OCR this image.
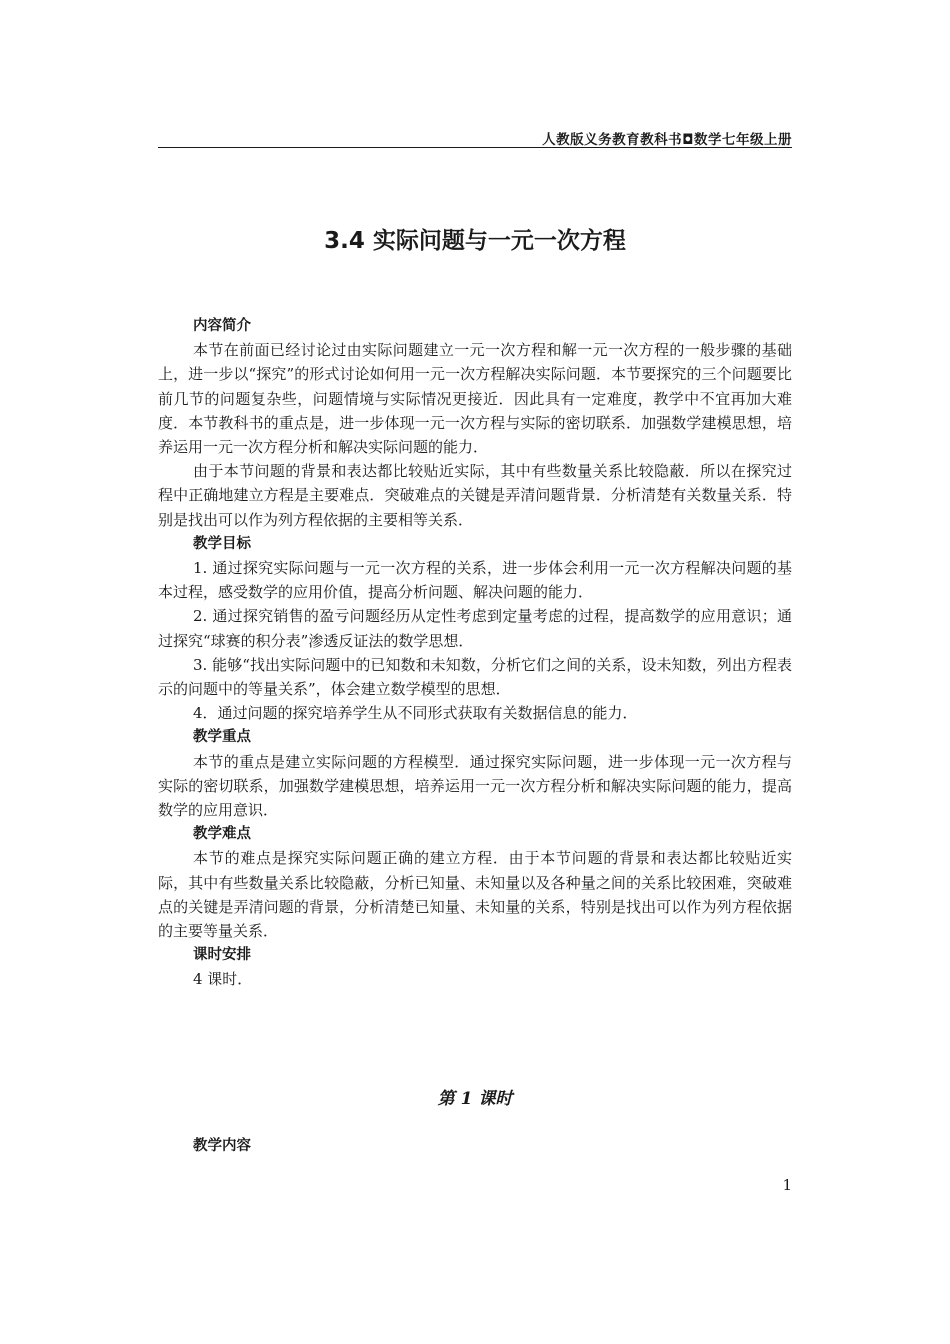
人教版义务教育教科书◘数学七年级上册
3.4 实际问题与一元一次方程
内容简介

本节在前面已经讨论过由实际问题建立一元一次方程和解一元一次方程的一般步骤的基础上，进一步以“探究”的形式讨论如何用一元一次方程解决实际问题．本节要探究的三个问题要比前几节的问题复杂些，问题情境与实际情况更接近．因此具有一定难度，教学中不宜再加大难度．本节教科书的重点是，进一步体现一元一次方程与实际的密切联系．加强数学建模思想，培养运用一元一次方程分析和解决实际问题的能力．

由于本节问题的背景和表达都比较贴近实际，其中有些数量关系比较隐蔽．所以在探究过程中正确地建立方程是主要难点．突破难点的关键是弄清问题背景．分析清楚有关数量关系．特别是找出可以作为列方程依据的主要相等关系．

教学目标

1. 通过探究实际问题与一元一次方程的关系，进一步体会利用一元一次方程解决问题的基本过程，感受数学的应用价值，提高分析问题、解决问题的能力．

2. 通过探究销售的盈亏问题经历从定性考虑到定量考虑的过程，提高数学的应用意识；通过探究“球赛的积分表”渗透反证法的数学思想．

3. 能够“找出实际问题中的已知数和未知数，分析它们之间的关系，设未知数，列出方程表示的问题中的等量关系”，体会建立数学模型的思想．

4．通过问题的探究培养学生从不同形式获取有关数据信息的能力．

教学重点

本节的重点是建立实际问题的方程模型．通过探究实际问题，进一步体现一元一次方程与实际的密切联系，加强数学建模思想，培养运用一元一次方程分析和解决实际问题的能力，提高数学的应用意识．

教学难点

本节的难点是探究实际问题正确的建立方程．由于本节问题的背景和表达都比较贴近实际，其中有些数量关系比较隐蔽，分析已知量、未知量以及各种量之间的关系比较困难，突破难点的关键是弄清问题的背景，分析清楚已知量、未知量的关系，特别是找出可以作为列方程依据的主要等量关系．

课时安排

4 课时．

第 1 课时
教学内容
1
